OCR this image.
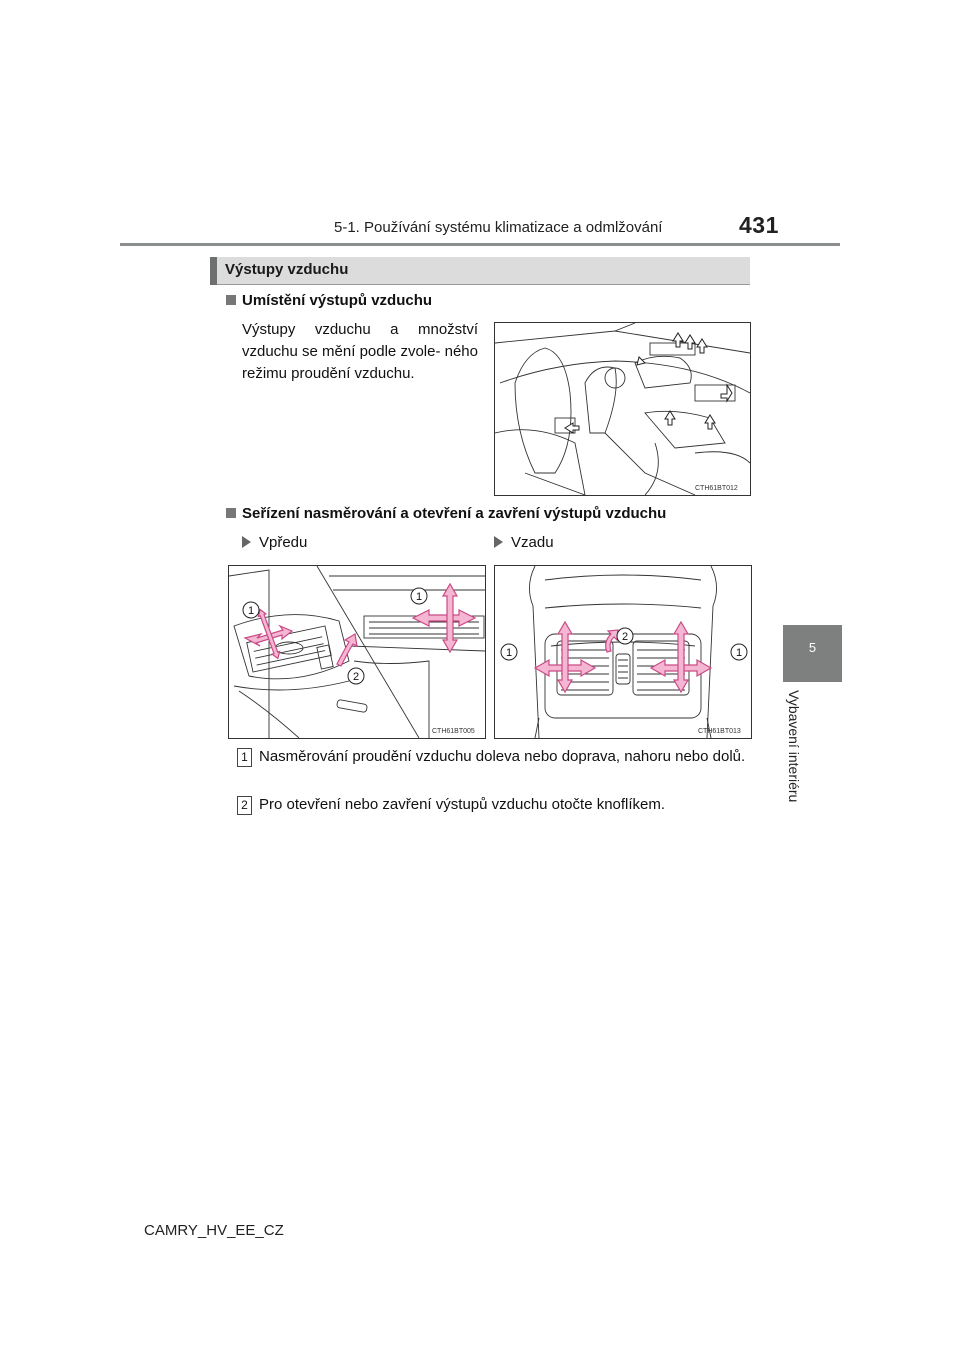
5-1. Používání systému klimatizace a odmlžování	431
5
Vybavení interiéru
Výstupy vzduchu
Umístění výstupů vzduchu
Výstupy vzduchu a množství vzduchu se mění podle zvole- ného režimu proudění vzduchu.
CTH61BT012
Seřízení nasměrování a otevření a zavření výstupů vzduchu
Vpředu	Vzadu
1
1
2
CTH61BT005
1	1
2
CTH61BT013
1 Nasměrování proudění vzduchu doleva nebo doprava, nahoru nebo dolů.
2 Pro otevření nebo zavření výstupů vzduchu otočte knoflíkem.
CAMRY_HV_EE_CZ
